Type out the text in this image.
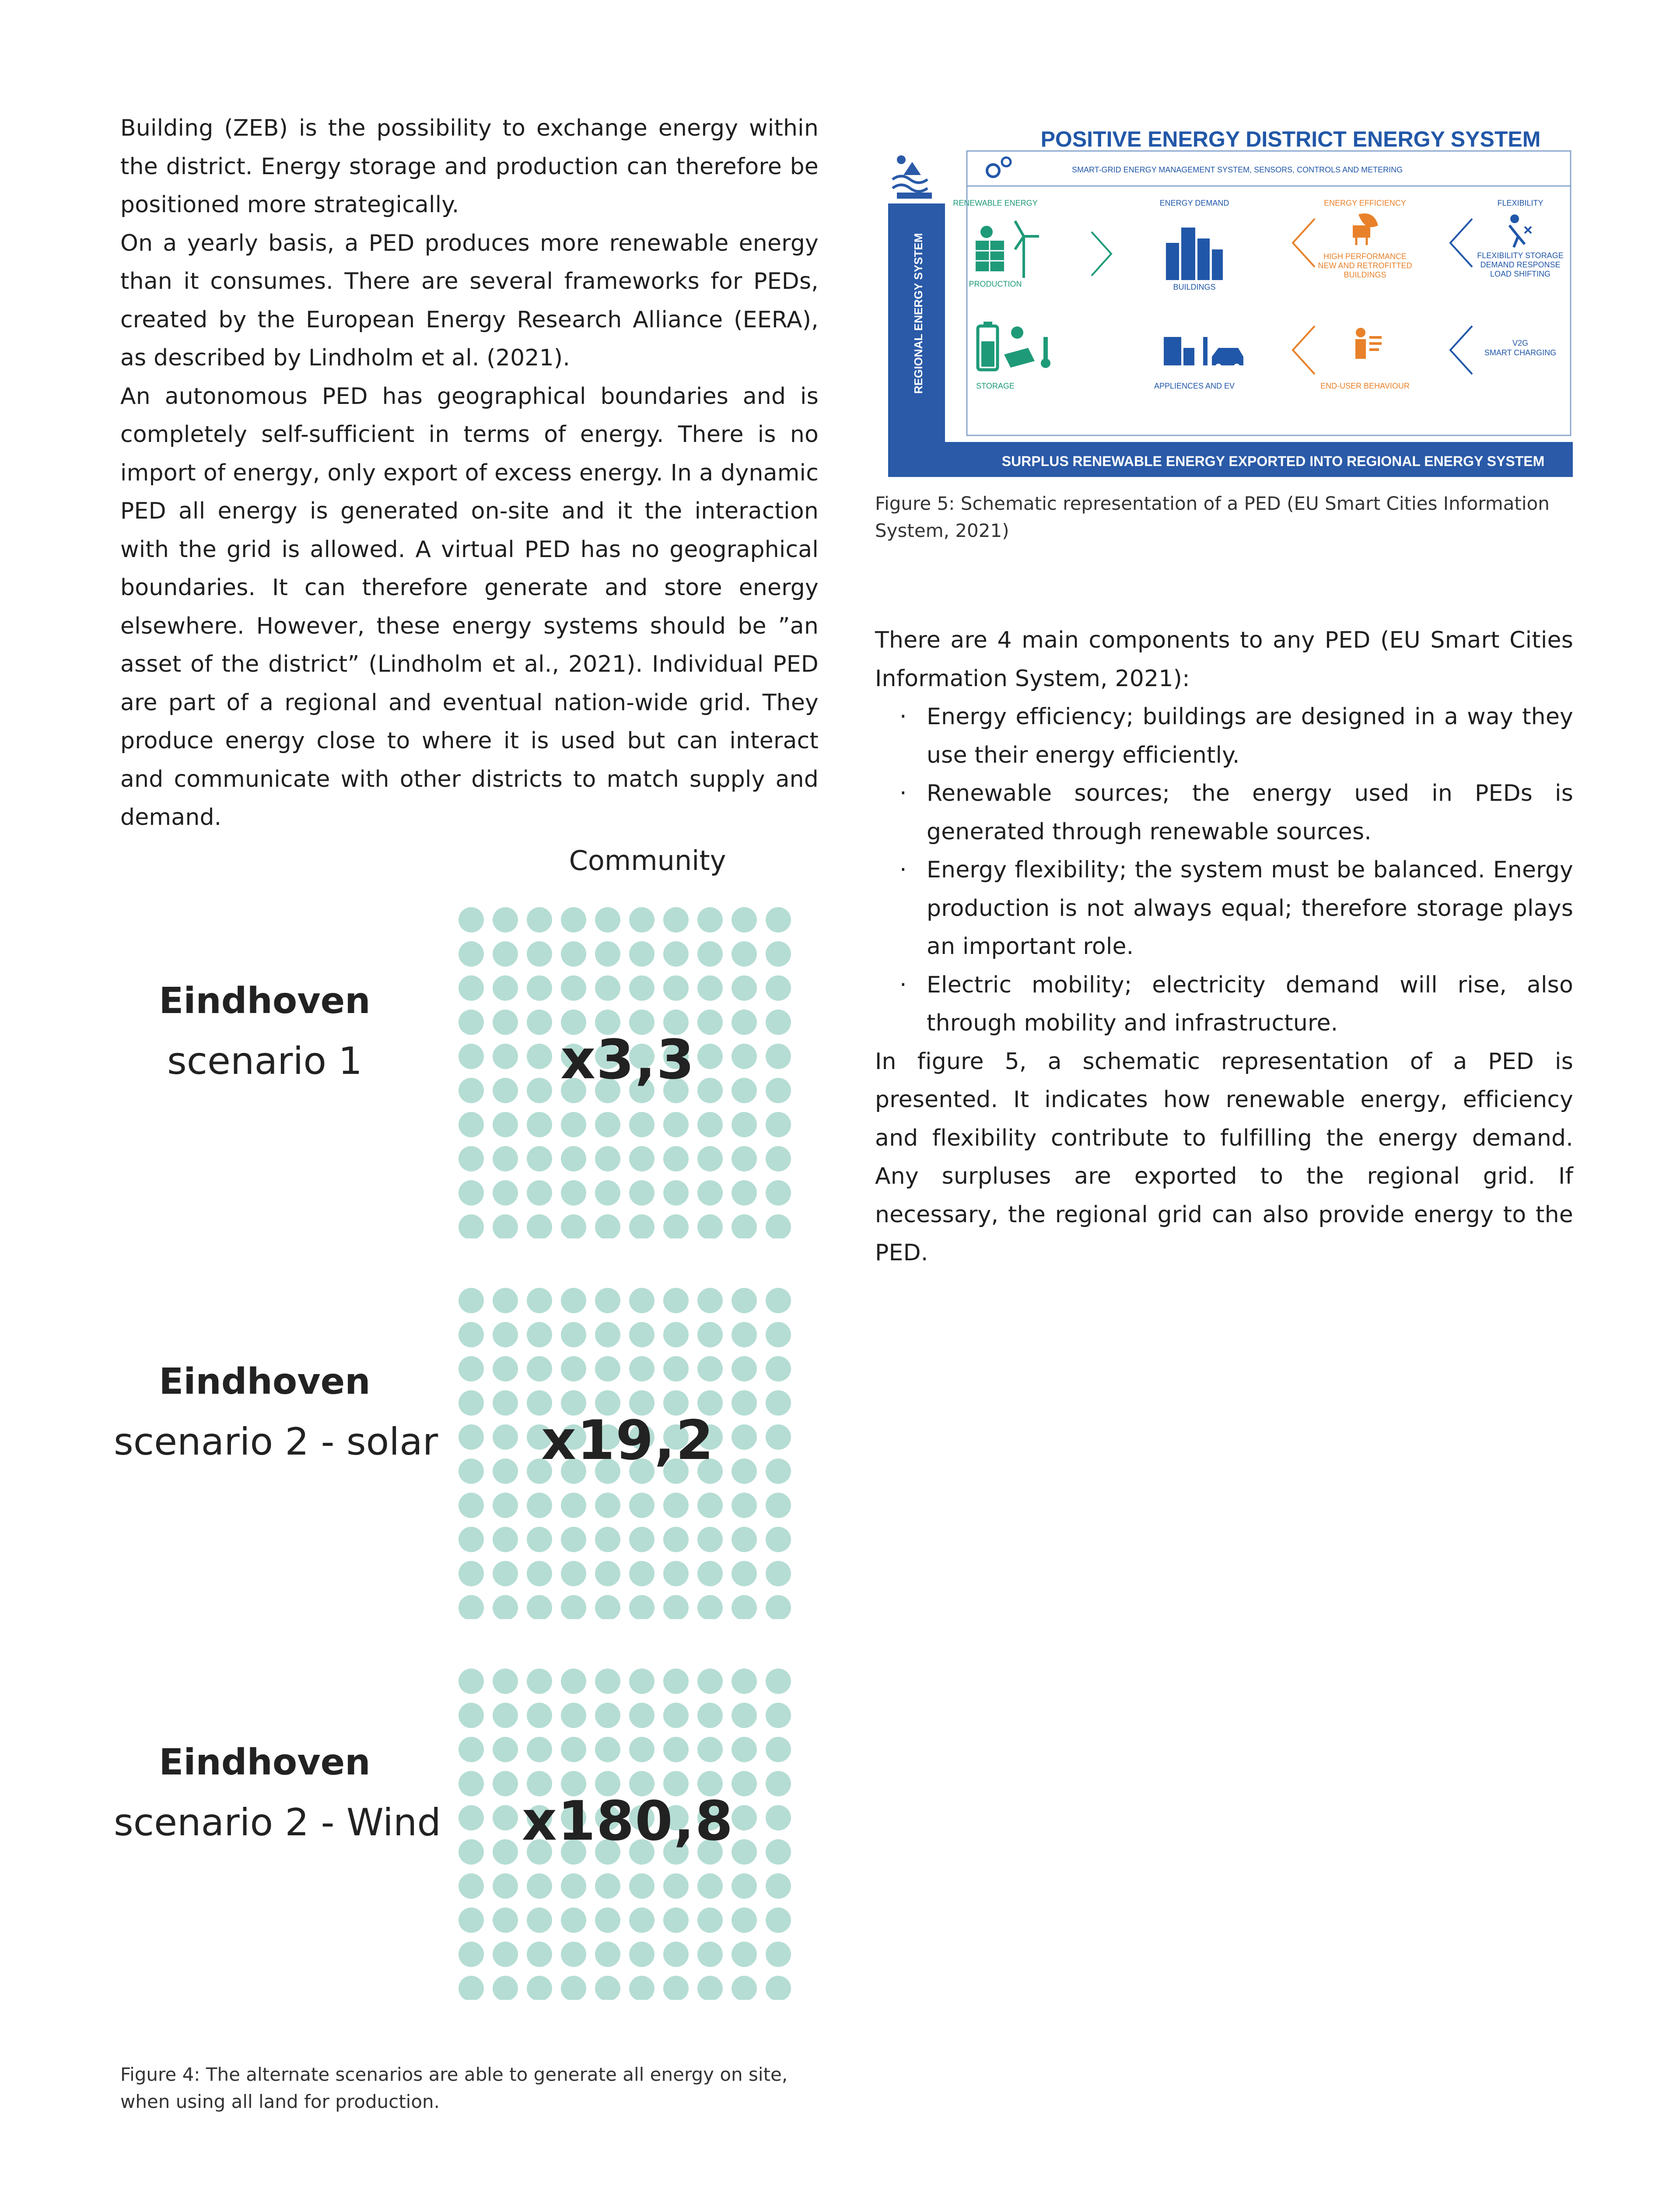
Building (ZEB) is the possibility to exchange energy within the district. Energy storage and production can therefore be positioned more strategically.

On a yearly basis, a PED produces more renewable energy than it consumes. There are several frameworks for PEDs, created by the European Energy Research Alliance (EERA), as described by Lindholm et al. (2021).

An autonomous PED has geographical boundaries and is completely self-sufficient in terms of energy. There is no import of energy, only export of excess energy. In a dynamic PED all energy is generated on-site and it the interaction with the grid is allowed. A virtual PED has no geographical boundaries. It can therefore generate and store energy elsewhere. However, these energy systems should be ”an asset of the district” (Lindholm et al., 2021). Individual PED are part of a regional and eventual nation-wide grid. They produce energy close to where it is used but can interact and communicate with other districts to match supply and demand.

Community
Eindhoven
scenario 1	x3,3
Eindhoven
scenario 2 - solar	x19,2
Eindhoven
scenario 2 - Wind	x180,8
Figure 4: The alternate scenarios are able to generate all energy on site, when using all land for production.
POSITIVE ENERGY DISTRICT ENERGY SYSTEM
SMART-GRID ENERGY MANAGEMENT SYSTEM, SENSORS, CONTROLS AND METERING
RENEWABLE ENERGY	ENERGY DEMAND	ENERGY EFFICIENCY	FLEXIBILITY
PRODUCTION	BUILDINGS
HIGH PERFORMANCE
NEW AND RETROFITTED
BUILDINGS
FLEXIBILITY STORAGE
DEMAND RESPONSE
LOAD SHIFTING
STORAGE	APPLIENCES AND EV	END-USER BEHAVIOUR
V2G
SMART CHARGING
REGIONAL ENERGY SYSTEM
SURPLUS RENEWABLE ENERGY EXPORTED INTO REGIONAL ENERGY SYSTEM
Figure 5: Schematic representation of a PED (EU Smart Cities Information System, 2021)

There are 4 main components to any PED (EU Smart Cities Information System, 2021):

· Energy efficiency; buildings are designed in a way they use their energy efficiently.
· Renewable sources; the energy used in PEDs is generated through renewable sources.
· Energy flexibility; the system must be balanced. Energy production is not always equal; therefore storage plays an important role.
· Electric mobility; electricity demand will rise, also through mobility and infrastructure.

In figure 5, a schematic representation of a PED is presented. It indicates how renewable energy, efficiency and flexibility contribute to fulfilling the energy demand. Any surpluses are exported to the regional grid. If necessary, the regional grid can also provide energy to the PED.
